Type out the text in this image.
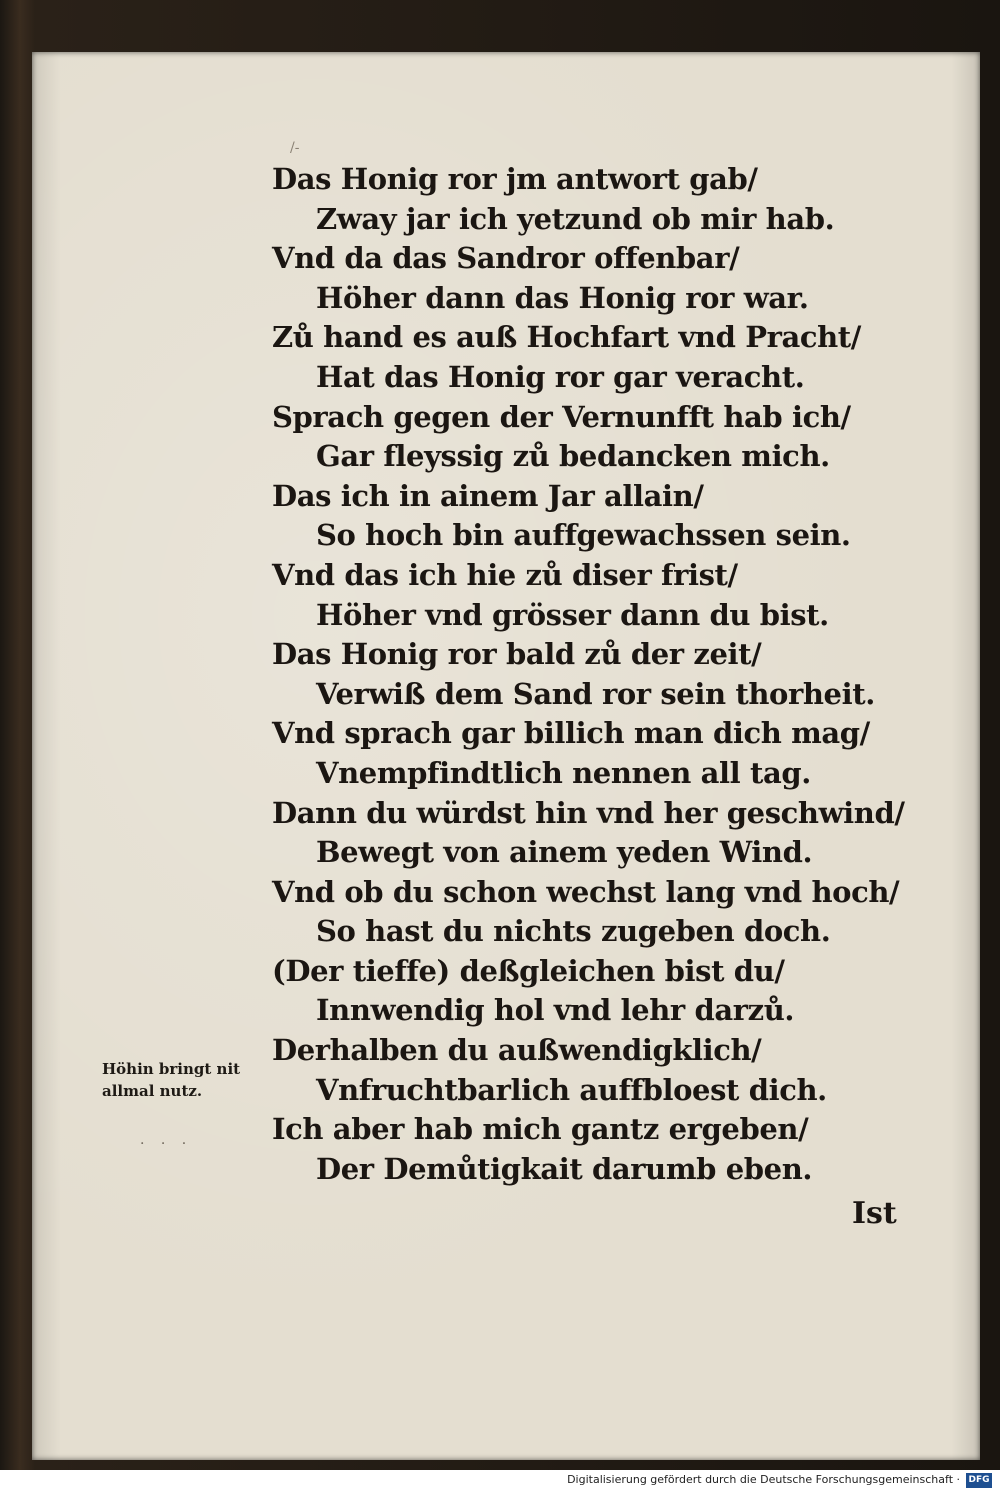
/-
Das Honig ror jm antwort gab/
Zway jar ich yetzund ob mir hab.
Vnd da das Sandror offenbar/
Höher dann das Honig ror war.
Zů hand es auß Hochfart vnd Pracht/
Hat das Honig ror gar veracht.
Sprach gegen der Vernunfft hab ich/
Gar fleyssig zů bedancken mich.
Das ich in ainem Jar allain/
So hoch bin auffgewachssen sein.
Vnd das ich hie zů diser frist/
Höher vnd grösser dann du bist.
Das Honig ror bald zů der zeit/
Verwiß dem Sand ror sein thorheit.
Vnd sprach gar billich man dich mag/
Vnempfindtlich nennen all tag.
Dann du würdst hin vnd her geschwind/
Bewegt von ainem yeden Wind.
Vnd ob du schon wechst lang vnd hoch/
So hast du nichts zugeben doch.
(Der tieffe) deßgleichen bist du/
Innwendig hol vnd lehr darzů.
Derhalben du außwendigklich/
Vnfruchtbarlich auffbloest dich.
Ich aber hab mich gantz ergeben/
Der Demůtigkait darumb eben.
· · ·
Höhin bringt nit
allmal nutz.
Ist
Digitalisierung gefördert durch die Deutsche Forschungsgemeinschaft · DFG
